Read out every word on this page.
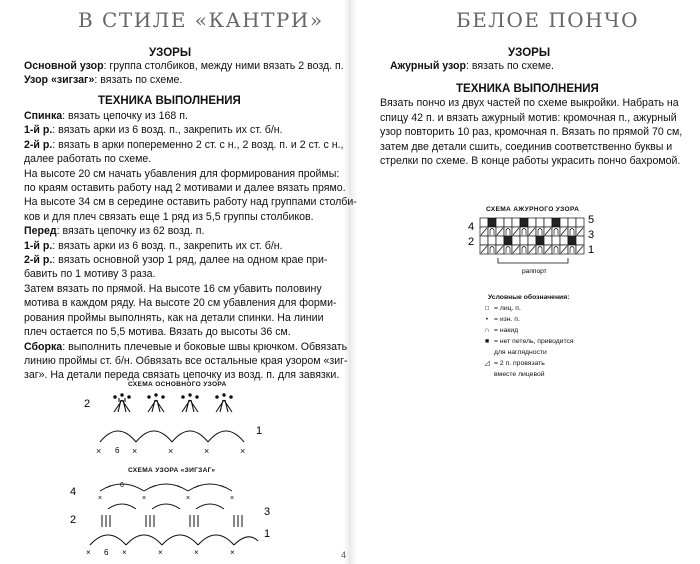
В СТИЛЕ «КАНТРИ»
УЗОРЫ
Основной узор: группа столбиков, между ними вязать 2 возд. п.
Узор «зигзаг»: вязать по схеме.
ТЕХНИКА ВЫПОЛНЕНИЯ
Спинка: вязать цепочку из 168 п.
1-й р.: вязать арки из 6 возд. п., закрепить их ст. б/н.
2-й р.: вязать в арки попеременно 2 ст. с н., 2 возд. п. и 2 ст. с н.,
далее работать по схеме.
На высоте 20 см начать убавления для формирования проймы:
по краям оставить работу над 2 мотивами и далее вязать прямо.
На высоте 34 см в середине оставить работу над группами столби-
ков и для плеч связать еще 1 ряд из 5,5 группы столбиков.
Перед: вязать цепочку из 62 возд. п.
1-й р.: вязать арки из 6 возд. п., закрепить их ст. б/н.
2-й р.: вязать основной узор 1 ряд, далее на одном крае при-
бавить по 1 мотиву 3 раза.
Затем вязать по прямой. На высоте 16 см убавить половину
мотива в каждом ряду. На высоте 20 см убавления для форми-
рования проймы выполнять, как на детали спинки. На линии
плеч остается по 5,5 мотива. Вязать до высоты 36 см.
Сборка: выполнить плечевые и боковые швы крючком. Обвязать
линию проймы ст. б/н. Обвязать все остальные края узором «зиг-
заг». На детали переда связать цепочку из возд. п. для завязки.
СХЕМА ОСНОВНОГО УЗОРА
2
1
×	×	×	×	×
6
СХЕМА УЗОРА «ЗИГЗАГ»
4
3
2
1
6
×	×	×	×
×	×	×	×	×
6
БЕЛОЕ ПОНЧО
УЗОРЫ
Ажурный узор: вязать по схеме.
ТЕХНИКА ВЫПОЛНЕНИЯ
Вязать пончо из двух частей по схеме выкройки. Набрать на
спицу 42 п. и вязать ажурный мотив: кромочная п., ажурный
узор повторить 10 раз, кромочная п. Вязать по прямой 70 см,
затем две детали сшить, соединив соответственно буквы и
стрелки по схеме. В конце работы украсить пончо бахромой.
СХЕМА АЖУРНОГО УЗОРА
4
2
5
3
1
раппорт
Условные обозначения:
□ = лиц. п.
• = изн. п.
∩ = накид
■ = нет петель, приводится
для наглядности
◿ = 2 п. провязать
вместе лицевой
4
